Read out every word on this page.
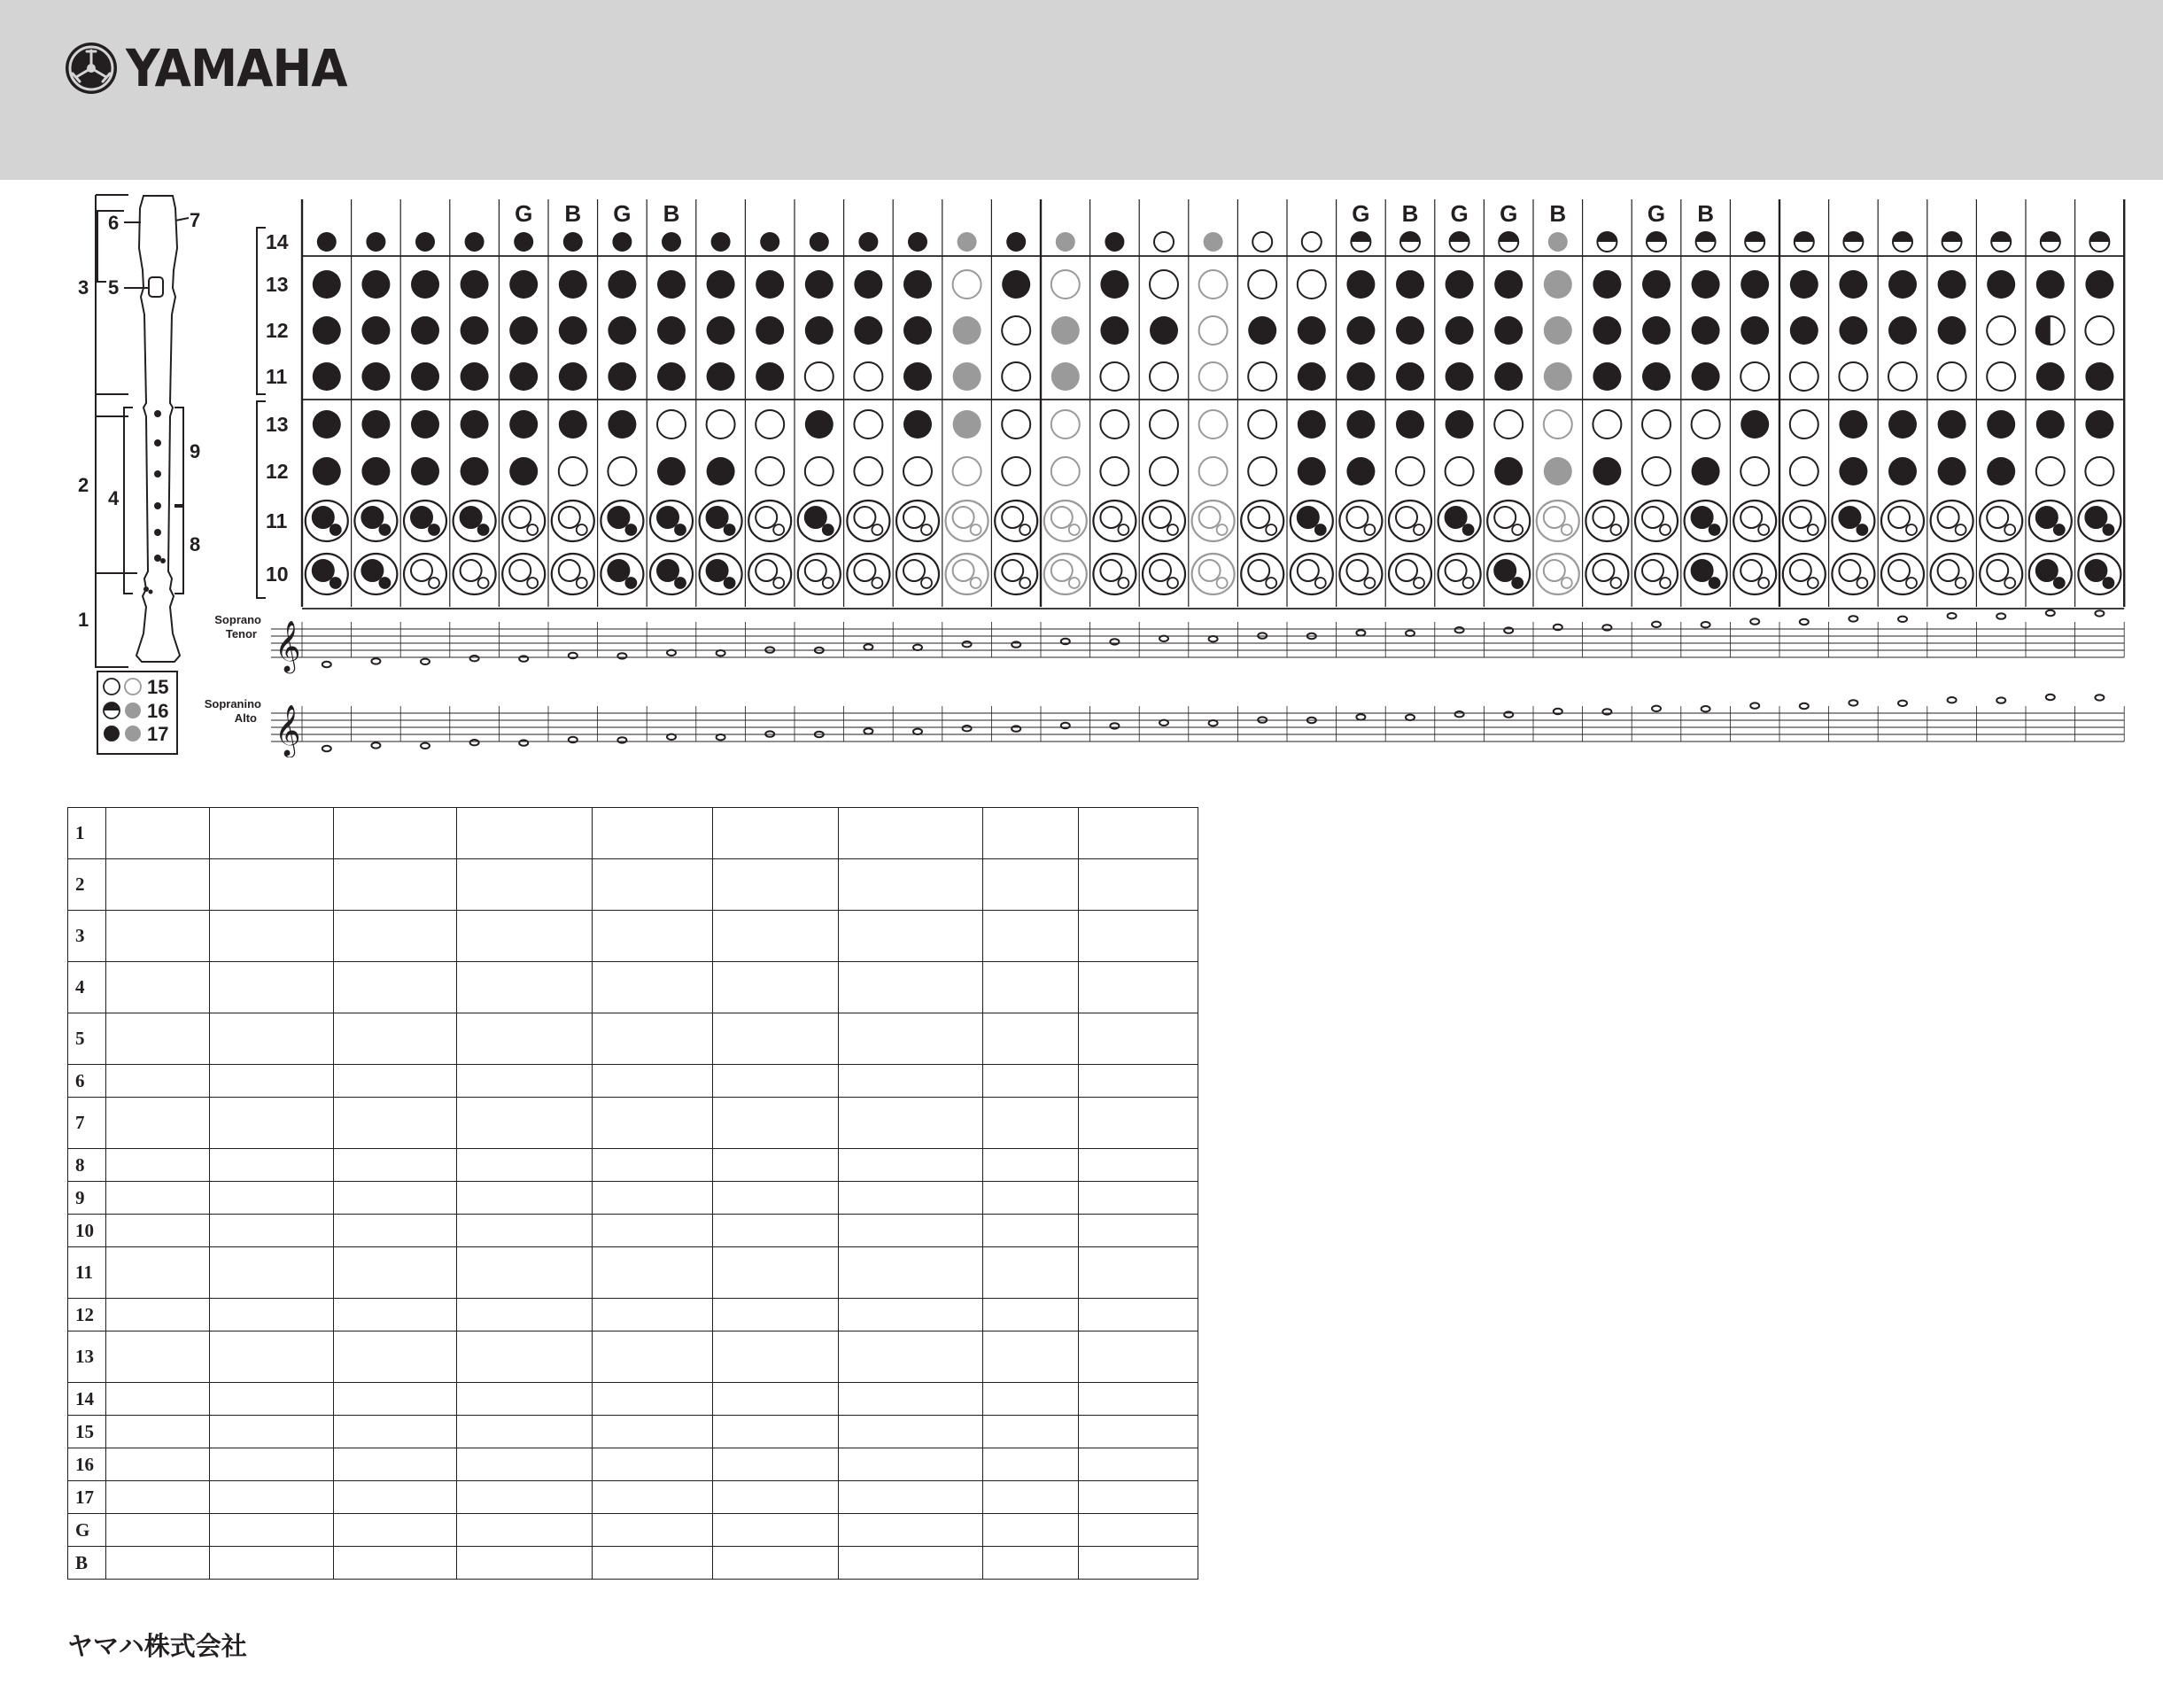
YAMAHA
1
2
3
4
5
6	7
8
9
15
16
17
14
13
12
11
13
12
11
10
G B G B	G B G G B	G B
𝄞
Soprano
Tenor
𝄞
Sopranino
Alto
1									
2									
3									
4									
5									
6									
7									
8									
9									
10									
11									
12									
13									
14									
15									
16									
17									
G									
B									
ヤマハ株式会社
